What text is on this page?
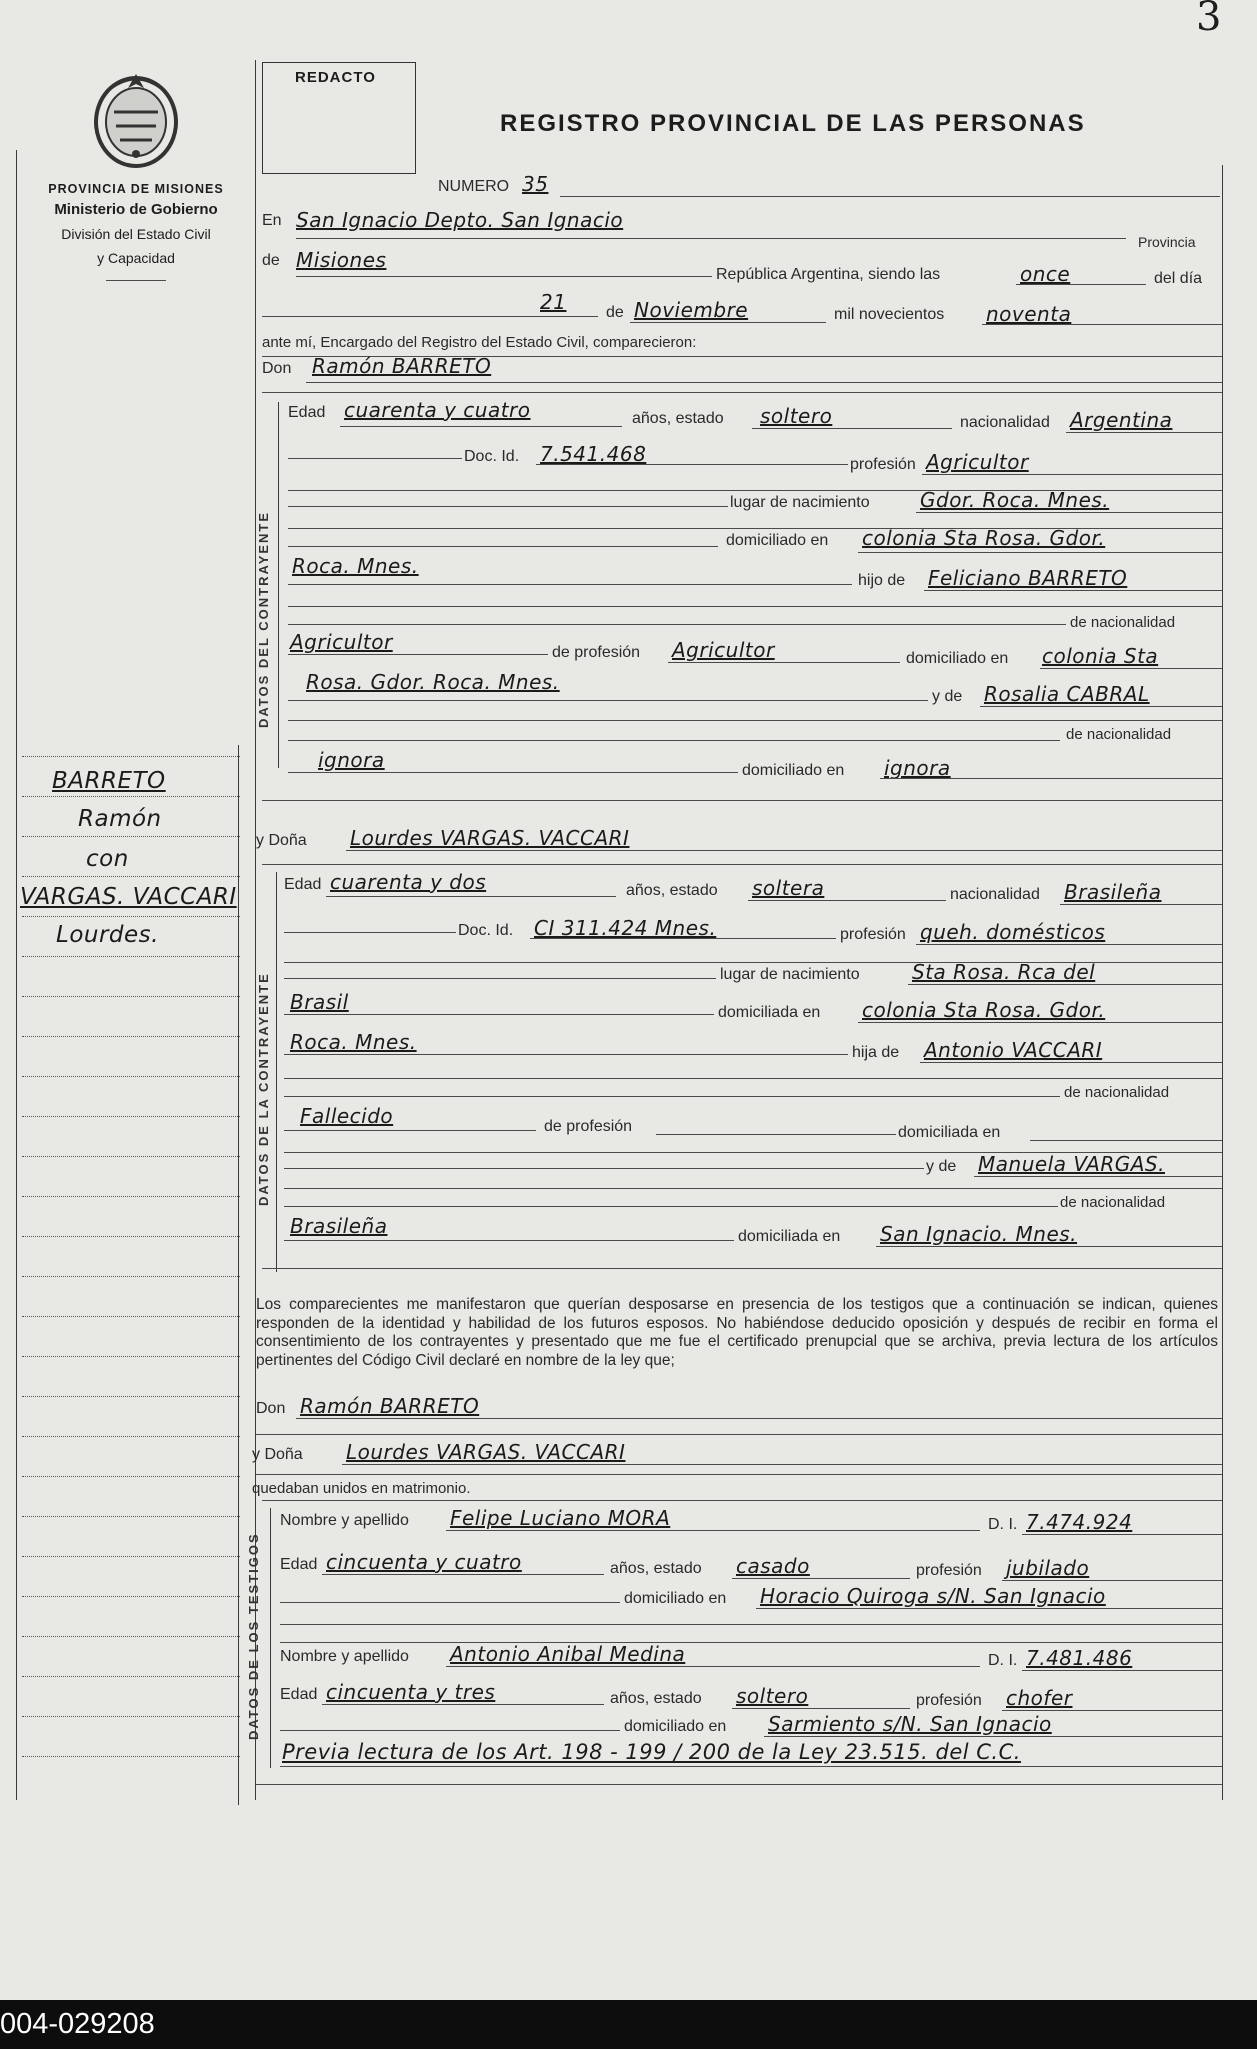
3
PROVINCIA DE MISIONES
Ministerio de Gobierno
División del Estado Civil
y Capacidad
REDACTO
REGISTRO PROVINCIAL DE LAS PERSONAS
BARRETO
Ramón
con
VARGAS. VACCARI
Lourdes.
NUMERO 35
En San Ignacio Depto. San Ignacio
Provincia
de Misiones
República Argentina, siendo las	once	del día
21 de Noviembre	mil novecientos noventa
ante mí, Encargado del Registro del Estado Civil, comparecieron:
Don Ramón BARRETO
DATOS DEL CONTRAYENTE
Edad cuarenta y cuatro	años, estado soltero	nacionalidad Argentina
Doc. Id. 7.541.468	profesión Agricultor
lugar de nacimiento	Gdor. Roca. Mnes.
domiciliado en colonia Sta Rosa. Gdor.
Roca. Mnes.
hijo de Feliciano BARRETO
de nacionalidad
Agricultor	de profesión Agricultor	domiciliado en colonia Sta
Rosa. Gdor. Roca. Mnes.
y de Rosalia CABRAL
de nacionalidad
ignora	domiciliado en ignora
y Doña Lourdes VARGAS. VACCARI
DATOS DE LA CONTRAYENTE
Edad cuarenta y dos	años, estado soltera	nacionalidad Brasileña
Doc. Id. CI 311.424 Mnes.	profesión queh. domésticos
lugar de nacimiento	Sta Rosa. Rca del
Brasil	domiciliada en colonia Sta Rosa. Gdor.
Roca. Mnes.	hija de Antonio VACCARI
de nacionalidad
Fallecido	de profesión	domiciliada en
y de Manuela VARGAS.
de nacionalidad
Brasileña	domiciliada en San Ignacio. Mnes.
Los comparecientes me manifestaron que querían desposarse en presencia de los testigos que a continuación se indican, quienes responden de la identidad y habilidad de los futuros esposos. No habiéndose deducido oposición y después de recibir en forma el consentimiento de los contrayentes y presentado que me fue el certificado prenupcial que se archiva, previa lectura de los artículos pertinentes del Código Civil declaré en nombre de la ley que;
Don Ramón BARRETO
y Doña Lourdes VARGAS. VACCARI
quedaban unidos en matrimonio.
DATOS DE LOS TESTIGOS
Nombre y apellido Felipe Luciano MORA	D. I. 7.474.924
Edad cincuenta y cuatro	años, estado casado	profesión jubilado
domiciliado en Horacio Quiroga s/N. San Ignacio
Nombre y apellido Antonio Anibal Medina	D. I. 7.481.486
Edad cincuenta y tres	años, estado soltero	profesión chofer
domiciliado en Sarmiento s/N. San Ignacio
Previa lectura de los Art. 198 - 199 / 200 de la Ley 23.515. del C.C.
004-029208
